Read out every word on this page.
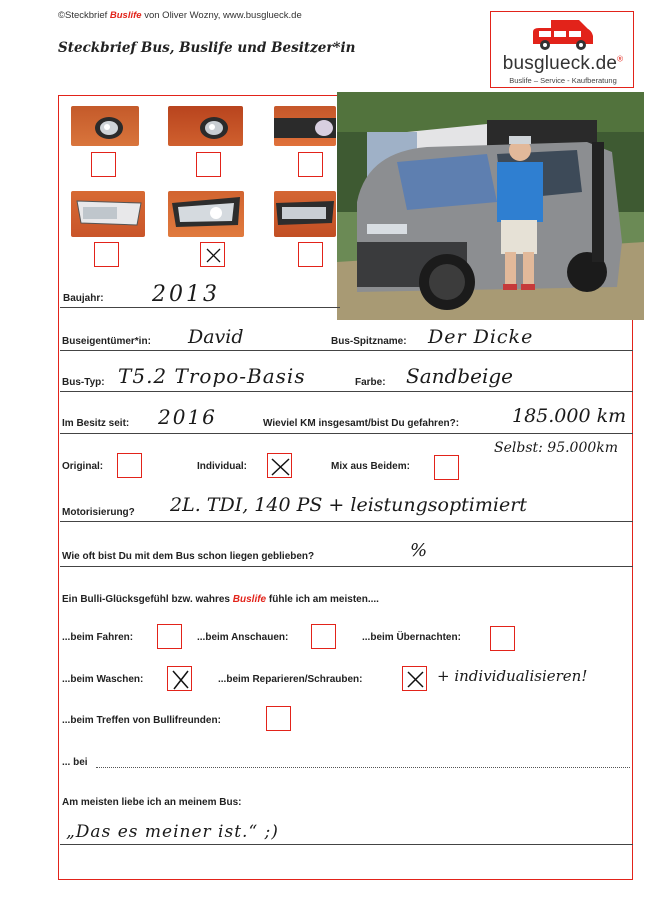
©Steckbrief Buslife von Oliver Wozny, www.busglueck.de
Steckbrief Bus, Buslife und Besitzer*in
busglueck.de®
Buslife – Service - Kaufberatung
Baujahr: 2013
Buseigentümer*in: David	Bus-Spitzname: Der Dicke
Bus-Typ: T5.2 Tropo-Basis	Farbe: Sandbeige
Im Besitz seit: 2016	Wieviel KM insgesamt/bist Du gefahren?:	185.000 km
Selbst: 95.000km
Original:	Individual:	Mix aus Beidem:
Motorisierung? 2L. TDI, 140 PS + leistungsoptimiert
Wie oft bist Du mit dem Bus schon liegen geblieben?	%
Ein Bulli-Glücksgefühl bzw. wahres Buslife fühle ich am meisten....
...beim Fahren:	...beim Anschauen:	...beim Übernachten:
...beim Waschen:	...beim Reparieren/Schrauben:	+ individualisieren!
...beim Treffen von Bullifreunden:
... bei
Am meisten liebe ich an meinem Bus:
„Das es meiner ist.“ ;)
